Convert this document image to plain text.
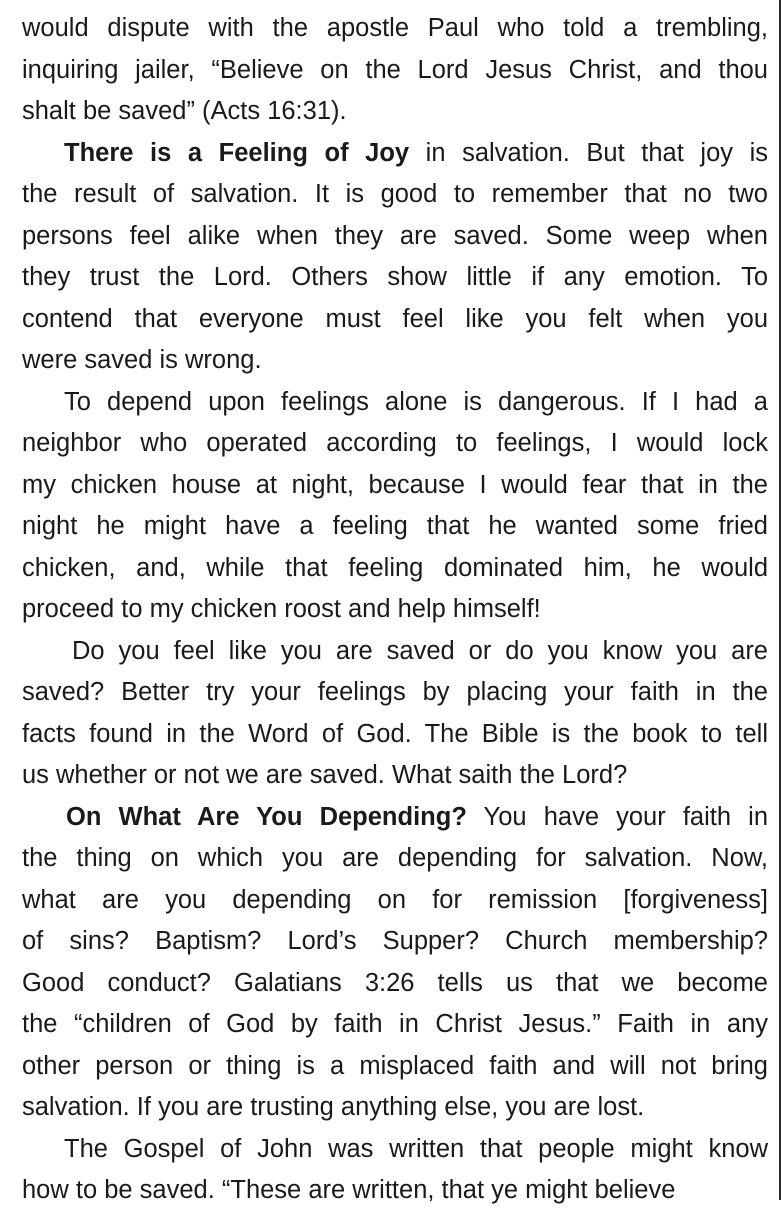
would dispute with the apostle Paul who told a trembling,
inquiring jailer, “Believe on the Lord Jesus Christ, and thou
shalt be saved” (Acts 16:31).

There is a Feeling of Joy in salvation. But that joy is
the result of salvation. It is good to remember that no two
persons feel alike when they are saved. Some weep when
they trust the Lord. Others show little if any emotion. To
contend that everyone must feel like you felt when you
were saved is wrong.

To depend upon feelings alone is dangerous. If I had a
neighbor who operated according to feelings, I would lock
my chicken house at night, because I would fear that in the
night he might have a feeling that he wanted some fried
chicken, and, while that feeling dominated him, he would
proceed to my chicken roost and help himself!

Do you feel like you are saved or do you know you are
saved? Better try your feelings by placing your faith in the
facts found in the Word of God. The Bible is the book to tell
us whether or not we are saved. What saith the Lord?

On What Are You Depending? You have your faith in
the thing on which you are depending for salvation. Now,
what are you depending on for remission [forgiveness]
of sins? Baptism? Lord’s Supper? Church membership?
Good conduct? Galatians 3:26 tells us that we become
the “children of God by faith in Christ Jesus.” Faith in any
other person or thing is a misplaced faith and will not bring
salvation. If you are trusting anything else, you are lost.

The Gospel of John was written that people might know
how to be saved. “These are written, that ye might believe
